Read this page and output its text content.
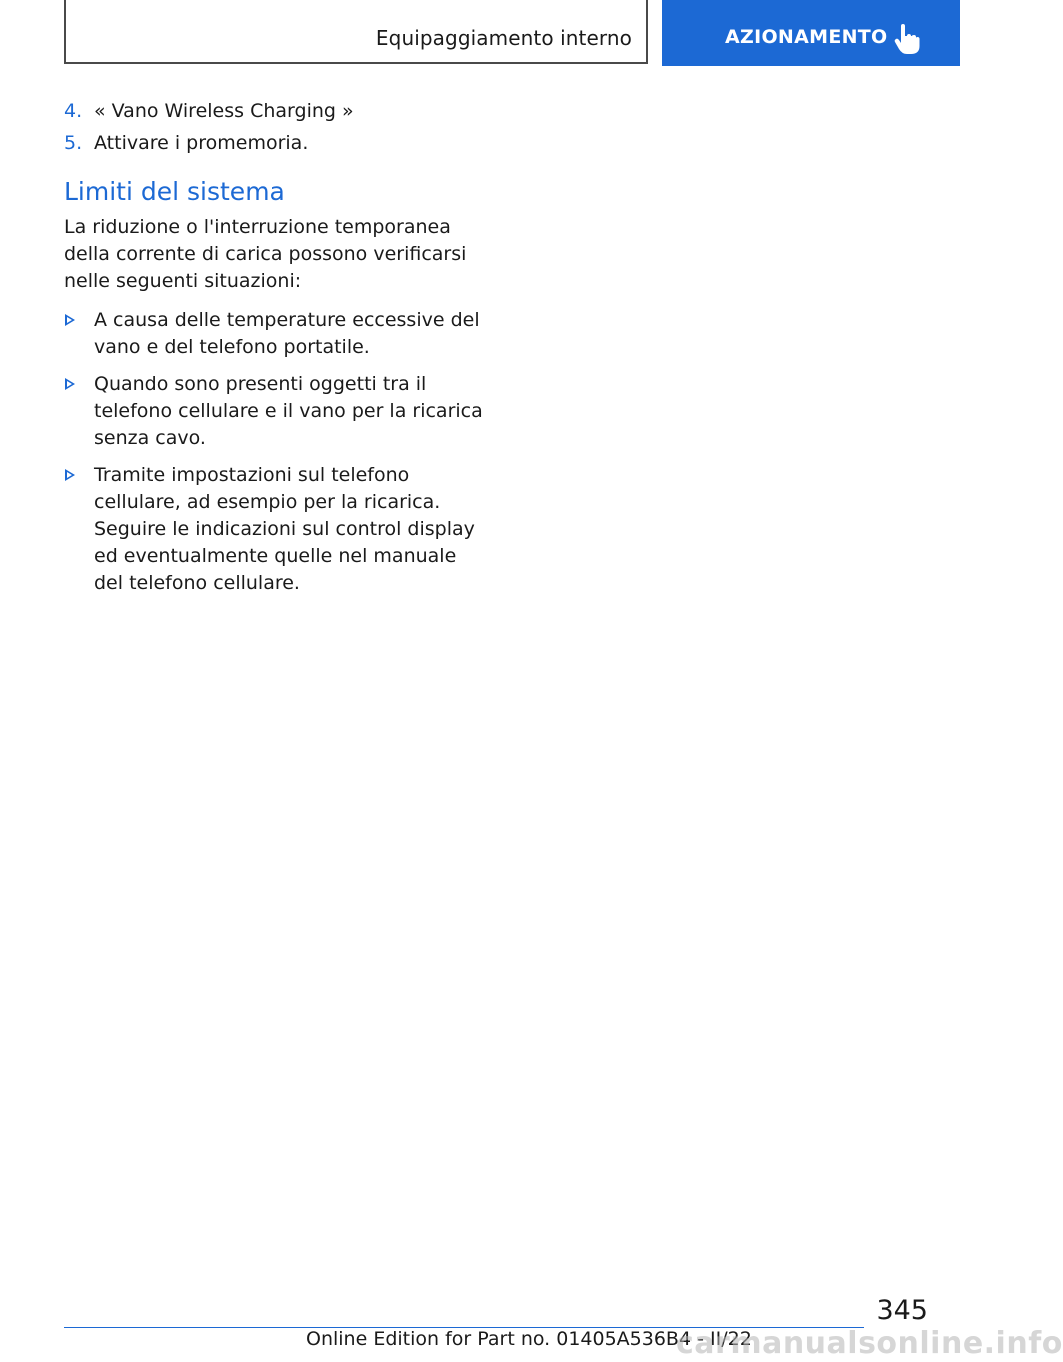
Equipaggiamento interno	AZIONAMENTO
4. « Vano Wireless Charging »
5. Attivare i promemoria.
Limiti del sistema

La riduzione o l'interruzione temporanea della corrente di carica possono verificarsi nelle seguenti situazioni:

A causa delle temperature eccessive del vano e del telefono portatile.
Quando sono presenti oggetti tra il telefono cellulare e il vano per la ricarica senza cavo.
Tramite impostazioni sul telefono cellulare, ad esempio per la ricarica. Seguire le indicazioni sul control display ed eventualmente quelle nel manuale del telefono cellulare.
345
Online Edition for Part no. 01405A536B4 - II/22
carmanualsonline.info
